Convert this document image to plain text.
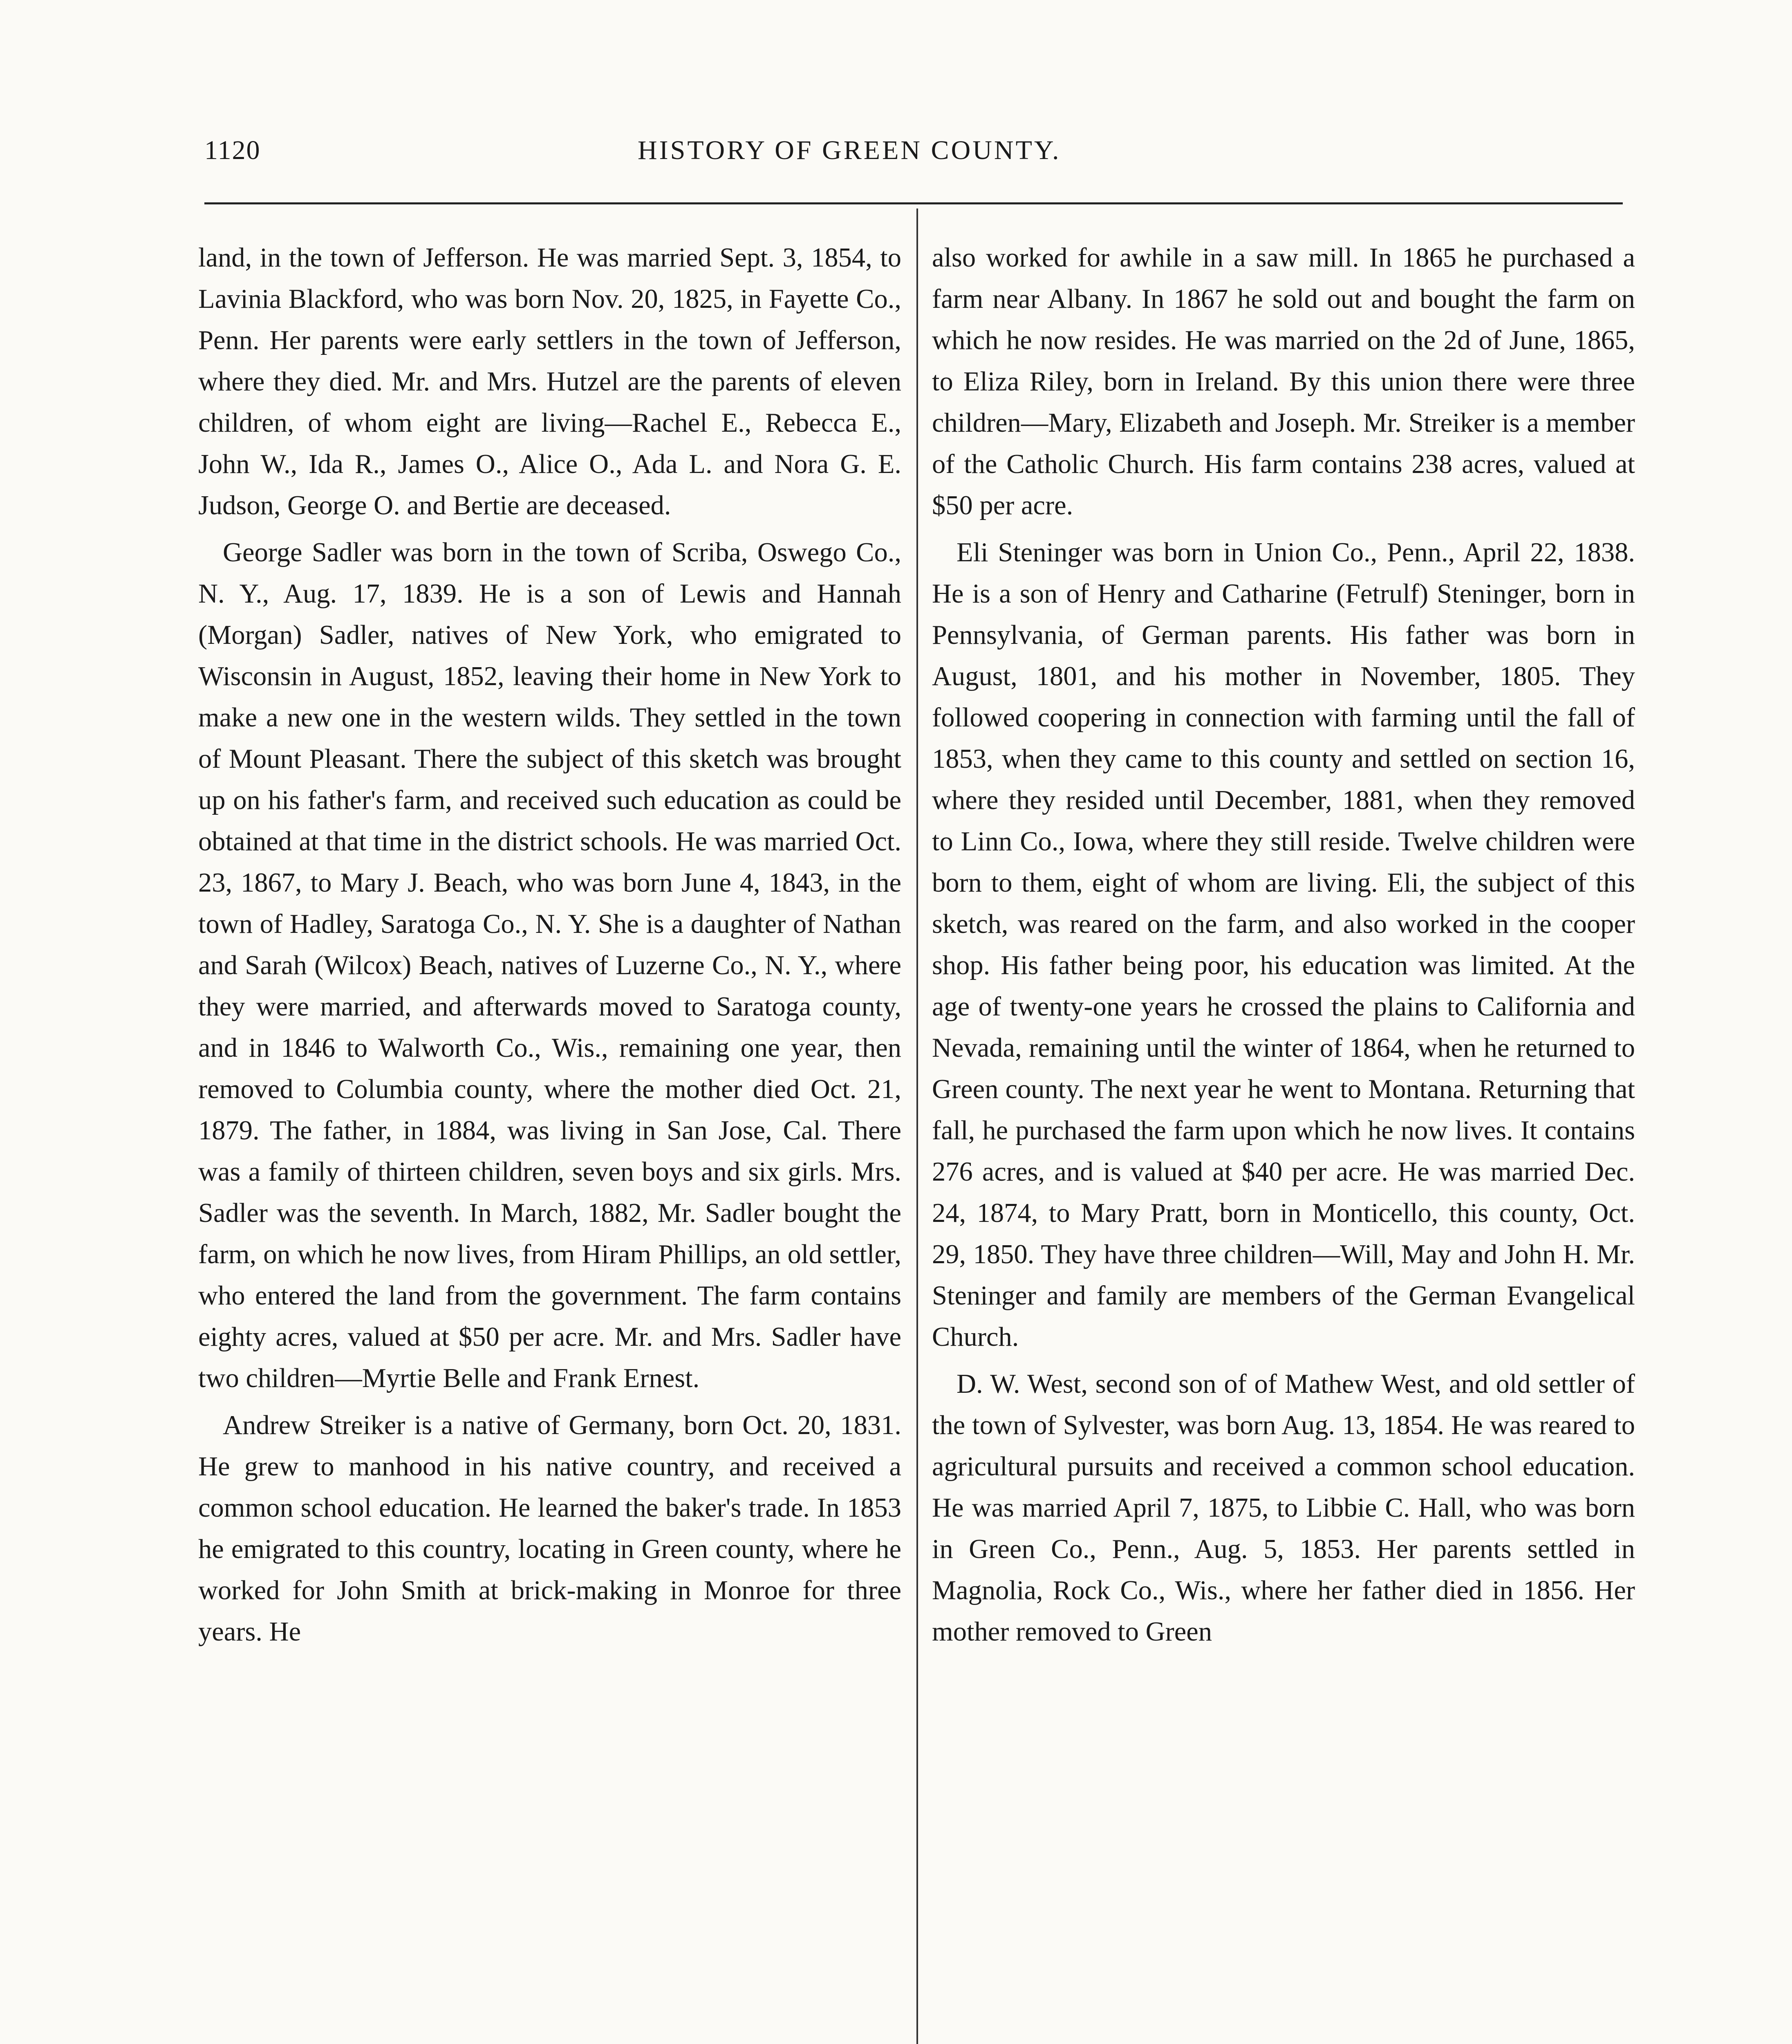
1120	HISTORY OF GREEN COUNTY.

land, in the town of Jefferson. He was married Sept. 3, 1854, to Lavinia Blackford, who was born Nov. 20, 1825, in Fayette Co., Penn. Her parents were early settlers in the town of Jefferson, where they died. Mr. and Mrs. Hutzel are the parents of eleven children, of whom eight are living—Rachel E., Rebecca E., John W., Ida R., James O., Alice O., Ada L. and Nora G. E. Judson, George O. and Bertie are deceased.

George Sadler was born in the town of Scriba, Oswego Co., N. Y., Aug. 17, 1839. He is a son of Lewis and Hannah (Morgan) Sadler, natives of New York, who emigrated to Wisconsin in August, 1852, leaving their home in New York to make a new one in the western wilds. They settled in the town of Mount Pleasant. There the subject of this sketch was brought up on his father's farm, and received such education as could be obtained at that time in the district schools. He was married Oct. 23, 1867, to Mary J. Beach, who was born June 4, 1843, in the town of Hadley, Saratoga Co., N. Y. She is a daughter of Nathan and Sarah (Wilcox) Beach, natives of Luzerne Co., N. Y., where they were married, and afterwards moved to Saratoga county, and in 1846 to Walworth Co., Wis., remaining one year, then removed to Columbia county, where the mother died Oct. 21, 1879. The father, in 1884, was living in San Jose, Cal. There was a family of thirteen children, seven boys and six girls. Mrs. Sadler was the seventh. In March, 1882, Mr. Sadler bought the farm, on which he now lives, from Hiram Phillips, an old settler, who entered the land from the government. The farm contains eighty acres, valued at $50 per acre. Mr. and Mrs. Sadler have two children—Myrtie Belle and Frank Ernest.

Andrew Streiker is a native of Germany, born Oct. 20, 1831. He grew to manhood in his native country, and received a common school education. He learned the baker's trade. In 1853 he emigrated to this country, locating in Green county, where he worked for John Smith at brick-making in Monroe for three years. He

also worked for awhile in a saw mill. In 1865 he purchased a farm near Albany. In 1867 he sold out and bought the farm on which he now resides. He was married on the 2d of June, 1865, to Eliza Riley, born in Ireland. By this union there were three children—Mary, Elizabeth and Joseph. Mr. Streiker is a member of the Catholic Church. His farm contains 238 acres, valued at $50 per acre.

Eli Steninger was born in Union Co., Penn., April 22, 1838. He is a son of Henry and Catharine (Fetrulf) Steninger, born in Pennsylvania, of German parents. His father was born in August, 1801, and his mother in November, 1805. They followed coopering in connection with farming until the fall of 1853, when they came to this county and settled on section 16, where they resided until December, 1881, when they removed to Linn Co., Iowa, where they still reside. Twelve children were born to them, eight of whom are living. Eli, the subject of this sketch, was reared on the farm, and also worked in the cooper shop. His father being poor, his education was limited. At the age of twenty-one years he crossed the plains to California and Nevada, remaining until the winter of 1864, when he returned to Green county. The next year he went to Montana. Returning that fall, he purchased the farm upon which he now lives. It contains 276 acres, and is valued at $40 per acre. He was married Dec. 24, 1874, to Mary Pratt, born in Monticello, this county, Oct. 29, 1850. They have three children—Will, May and John H. Mr. Steninger and family are members of the German Evangelical Church.

D. W. West, second son of of Mathew West, and old settler of the town of Sylvester, was born Aug. 13, 1854. He was reared to agricultural pursuits and received a common school education. He was married April 7, 1875, to Libbie C. Hall, who was born in Green Co., Penn., Aug. 5, 1853. Her parents settled in Magnolia, Rock Co., Wis., where her father died in 1856. Her mother removed to Green
